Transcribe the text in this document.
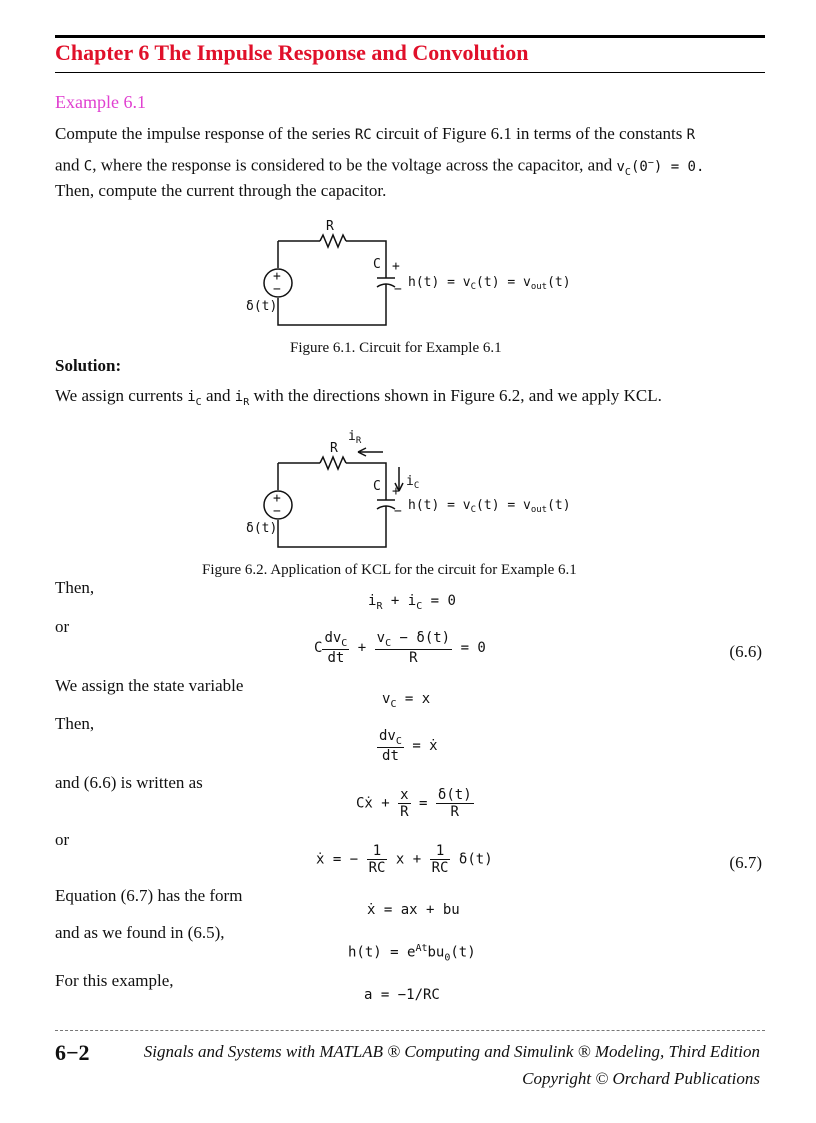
Chapter 6 The Impulse Response and Convolution
Example 6.1
Compute the impulse response of the series RC circuit of Figure 6.1 in terms of the constants R
and C, where the response is considered to be the voltage across the capacitor, and $v_C(0^-) = 0$.
Then, compute the current through the capacitor.
+
−
R
C +
−
δ(t)
$h(t) = v_C(t) = v_{out}(t)$
Figure 6.1. Circuit for Example 6.1
Solution:
We assign currents $i_C$ and $i_R$ with the directions shown in Figure 6.2, and we apply KCL.
+
−
R
$i_R$
$i_C$
C +
−
δ(t)
$h(t) = v_C(t) = v_{out}(t)$
Figure 6.2. Application of KCL for the circuit for Example 6.1
Then,
$i_R + i_C = 0$
or
C $\frac{dv_C}{dt} + \frac{v_C - \delta(t)}{R} = 0$	(6.6)
We assign the state variable
$v_C = x$
Then,
$\frac{dv_C}{dt}$ = ẋ
and (6.6) is written as
Cẋ + $\frac{x}{R} = \frac{\delta(t)}{R}$
or
ẋ = − $\frac{1}{RC}$ $x + \frac{1}{RC} \delta(t)$	(6.7)
Equation (6.7) has the form
ẋ = ax + bu
and as we found in (6.5),
$h(t) = e^{At}bu_0(t)$
For this example,
a = −1/RC
6−2	Signals and Systems with MATLAB ® Computing and Simulink ® Modeling, Third Edition
Copyright © Orchard Publications
